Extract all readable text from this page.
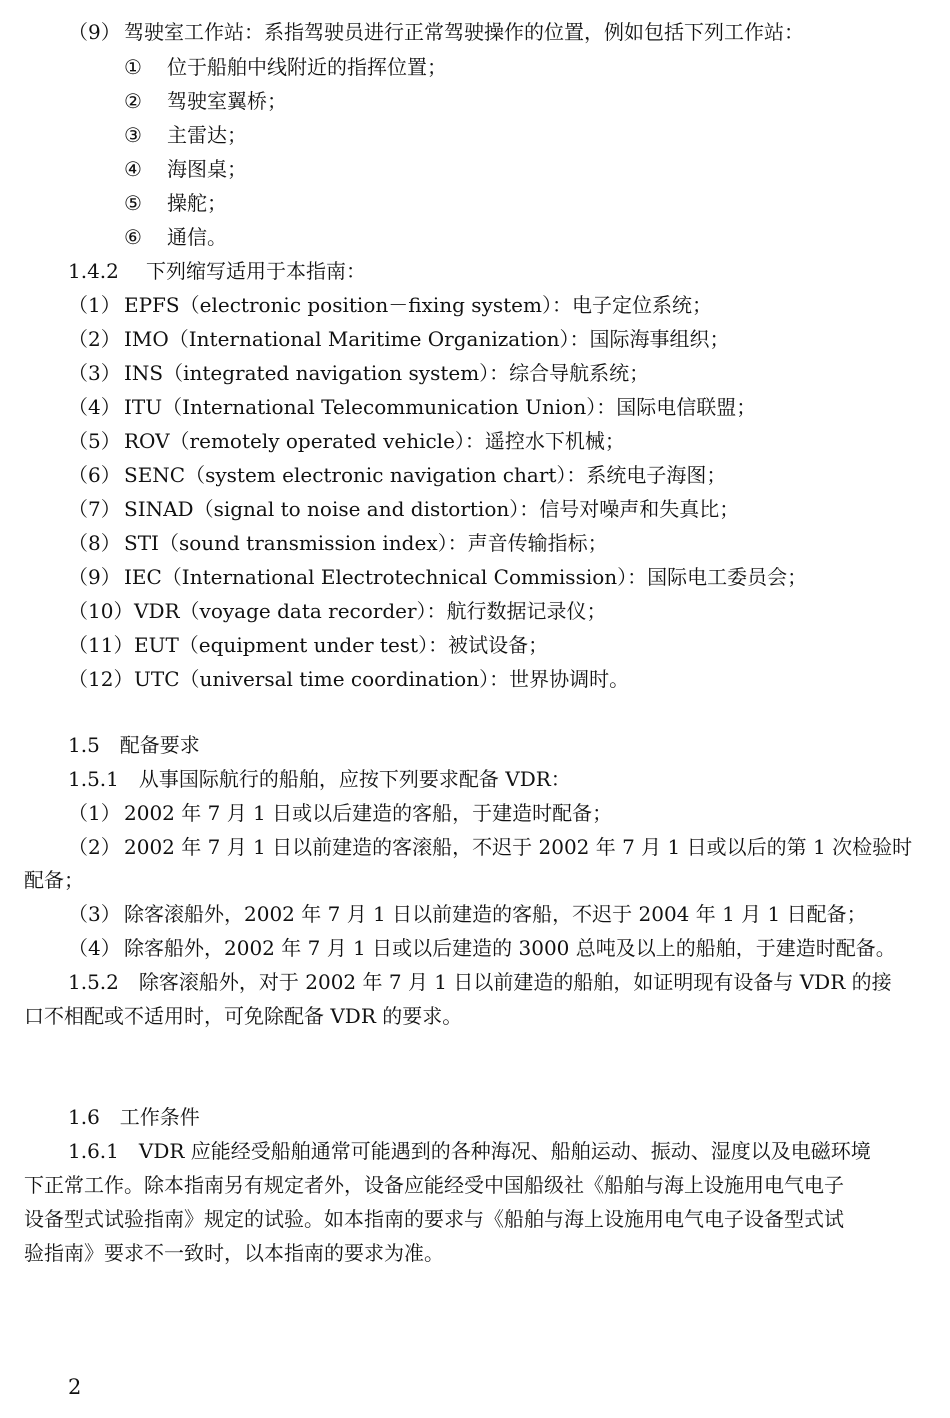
（9） 驾驶室工作站：系指驾驶员进行正常驾驶操作的位置，例如包括下列工作站：
① 位于船舶中线附近的指挥位置；
② 驾驶室翼桥；
③ 主雷达；
④ 海图桌；
⑤ 操舵；
⑥ 通信。
1.4.2 下列缩写适用于本指南：
（1） EPFS（electronic position－fixing system）：电子定位系统；
（2） IMO（International Maritime Organization）：国际海事组织；
（3） INS（integrated navigation system）：综合导航系统；
（4） ITU（International Telecommunication Union）：国际电信联盟；
（5） ROV（remotely operated vehicle）：遥控水下机械；
（6） SENC（system electronic navigation chart）：系统电子海图；
（7） SINAD（signal to noise and distortion）：信号对噪声和失真比；
（8） STI（sound transmission index）：声音传输指标；
（9） IEC（International Electrotechnical Commission）：国际电工委员会；
（10） VDR（voyage data recorder）：航行数据记录仪；
（11） EUT（equipment under test）：被试设备；
（12） UTC（universal time coordination）：世界协调时。
1.5　配备要求
1.5.1　从事国际航行的船舶，应按下列要求配备 VDR：
（1） 2002 年 7 月 1 日或以后建造的客船，于建造时配备；
（2） 2002 年 7 月 1 日以前建造的客滚船，不迟于 2002 年 7 月 1 日或以后的第 1 次检验时
配备；
（3） 除客滚船外，2002 年 7 月 1 日以前建造的客船，不迟于 2004 年 1 月 1 日配备；
（4） 除客船外，2002 年 7 月 1 日或以后建造的 3000 总吨及以上的船舶，于建造时配备。
1.5.2　除客滚船外，对于 2002 年 7 月 1 日以前建造的船舶，如证明现有设备与 VDR 的接
口不相配或不适用时，可免除配备 VDR 的要求。
1.6　工作条件
1.6.1　VDR 应能经受船舶通常可能遇到的各种海况、船舶运动、振动、湿度以及电磁环境
下正常工作。除本指南另有规定者外，设备应能经受中国船级社《船舶与海上设施用电气电子
设备型式试验指南》规定的试验。如本指南的要求与《船舶与海上设施用电气电子设备型式试
验指南》要求不一致时，以本指南的要求为准。
2
